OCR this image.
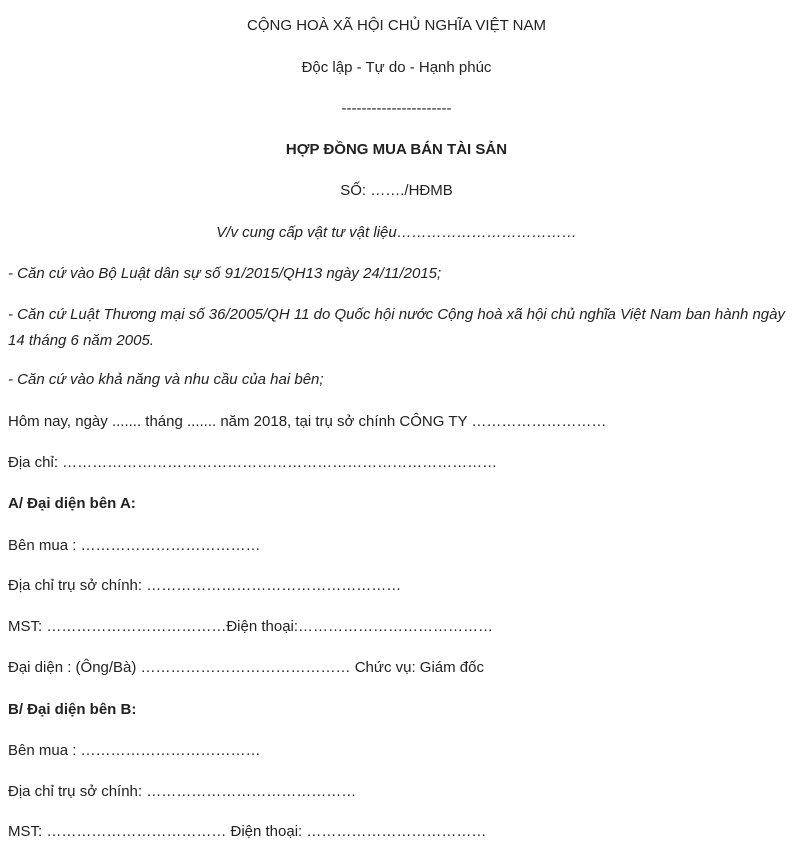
CỘNG HOÀ XÃ HỘI CHỦ NGHĨA VIỆT NAM
Độc lập - Tự do - Hạnh phúc
----------------------
HỢP ĐỒNG MUA BÁN TÀI SẢN
SỐ: ……./HĐMB
V/v cung cấp vật tư vật liệu………………………………
- Căn cứ vào Bộ Luật dân sự số 91/2015/QH13 ngày 24/11/2015;
- Căn cứ Luật Thương mại số 36/2005/QH 11 do Quốc hội nước Cộng hoà xã hội chủ nghĩa Việt Nam ban hành ngày 14 tháng 6 năm 2005.
- Căn cứ vào khả năng và nhu cầu của hai bên;
Hôm nay, ngày ....... tháng ....... năm 2018, tại trụ sở chính CÔNG TY ………………………
Địa chỉ: ……………………………………………………………………………
A/ Đại diện bên A:
Bên mua : ………………………………
Địa chỉ trụ sở chính: ……………………………………………
MST: ………………………………Điện thoại:…………………………………
Đại diện : (Ông/Bà) …………………………………… Chức vụ: Giám đốc
B/ Đại diện bên B:
Bên mua : ………………………………
Địa chỉ trụ sở chính: ……………………………………
MST: ……………………………… Điện thoại: ………………………………
